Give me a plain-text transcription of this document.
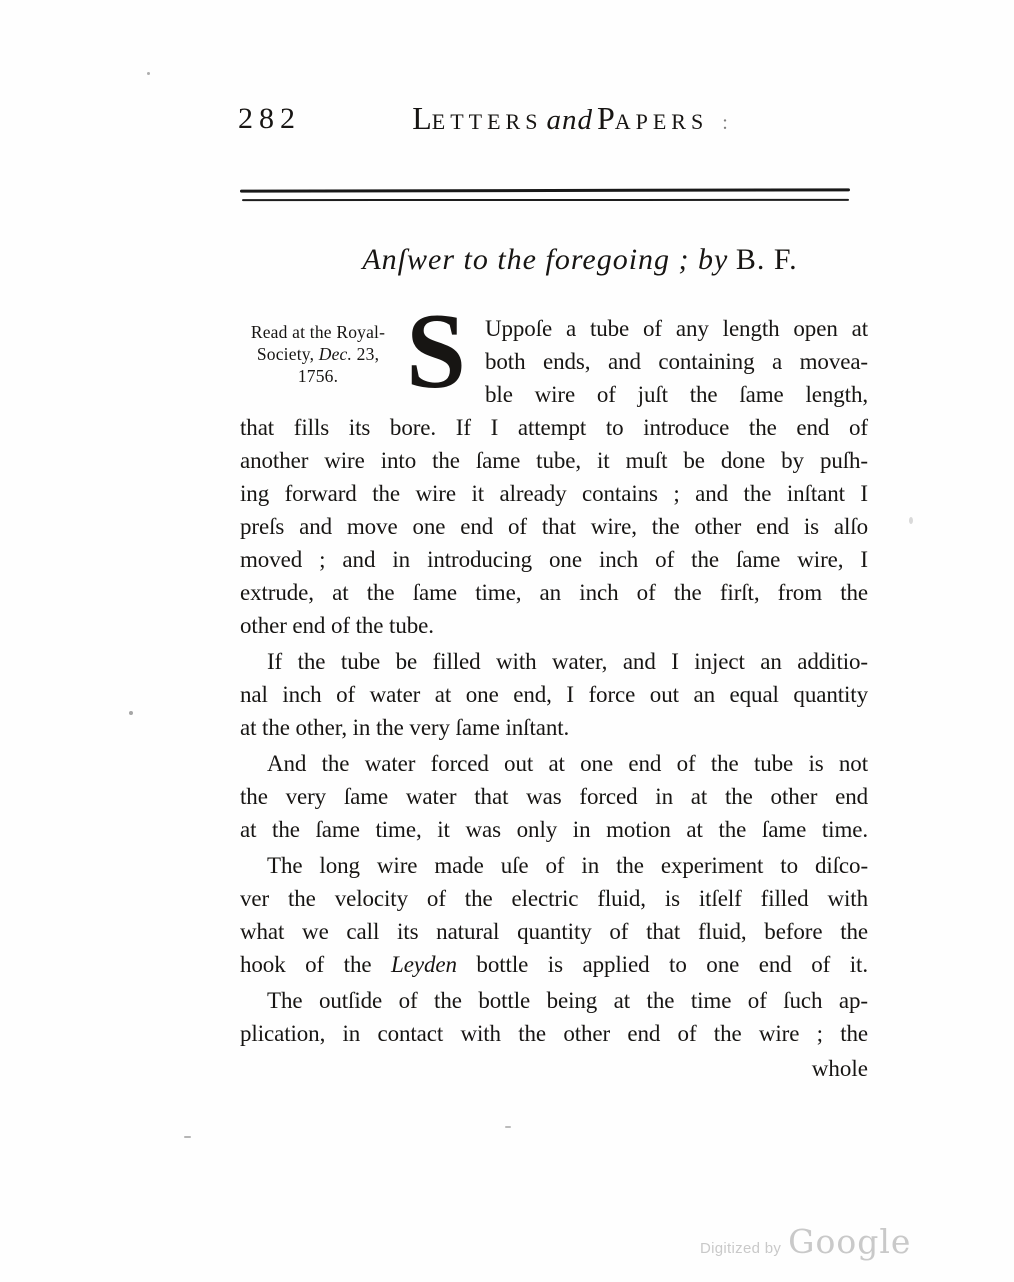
282	LETTERS and PAPERS :
Anſwer to the foregoing ; by B. F.
Read at the Royal-
Society, Dec. 23,
1756. S Uppoſe a tube of any length open at
both ends, and containing a movea-
ble wire of juſt the ſame length,
that fills its bore. If I attempt to introduce the end of
another wire into the ſame tube, it muſt be done by puſh-
ing forward the wire it already contains ; and the inſtant I
preſs and move one end of that wire, the other end is alſo
moved ; and in introducing one inch of the ſame wire, I
extrude, at the ſame time, an inch of the firſt, from the
other end of the tube.
If the tube be filled with water, and I inject an additio-
nal inch of water at one end, I force out an equal quantity
at the other, in the very ſame inſtant.
And the water forced out at one end of the tube is not
the very ſame water that was forced in at the other end
at the ſame time, it was only in motion at the ſame time.
The long wire made uſe of in the experiment to diſco-
ver the velocity of the electric fluid, is itſelf filled with
what we call its natural quantity of that fluid, before the
hook of the Leyden bottle is applied to one end of it.
The outſide of the bottle being at the time of ſuch ap-
plication, in contact with the other end of the wire ; the
whole
Digitized by Google
